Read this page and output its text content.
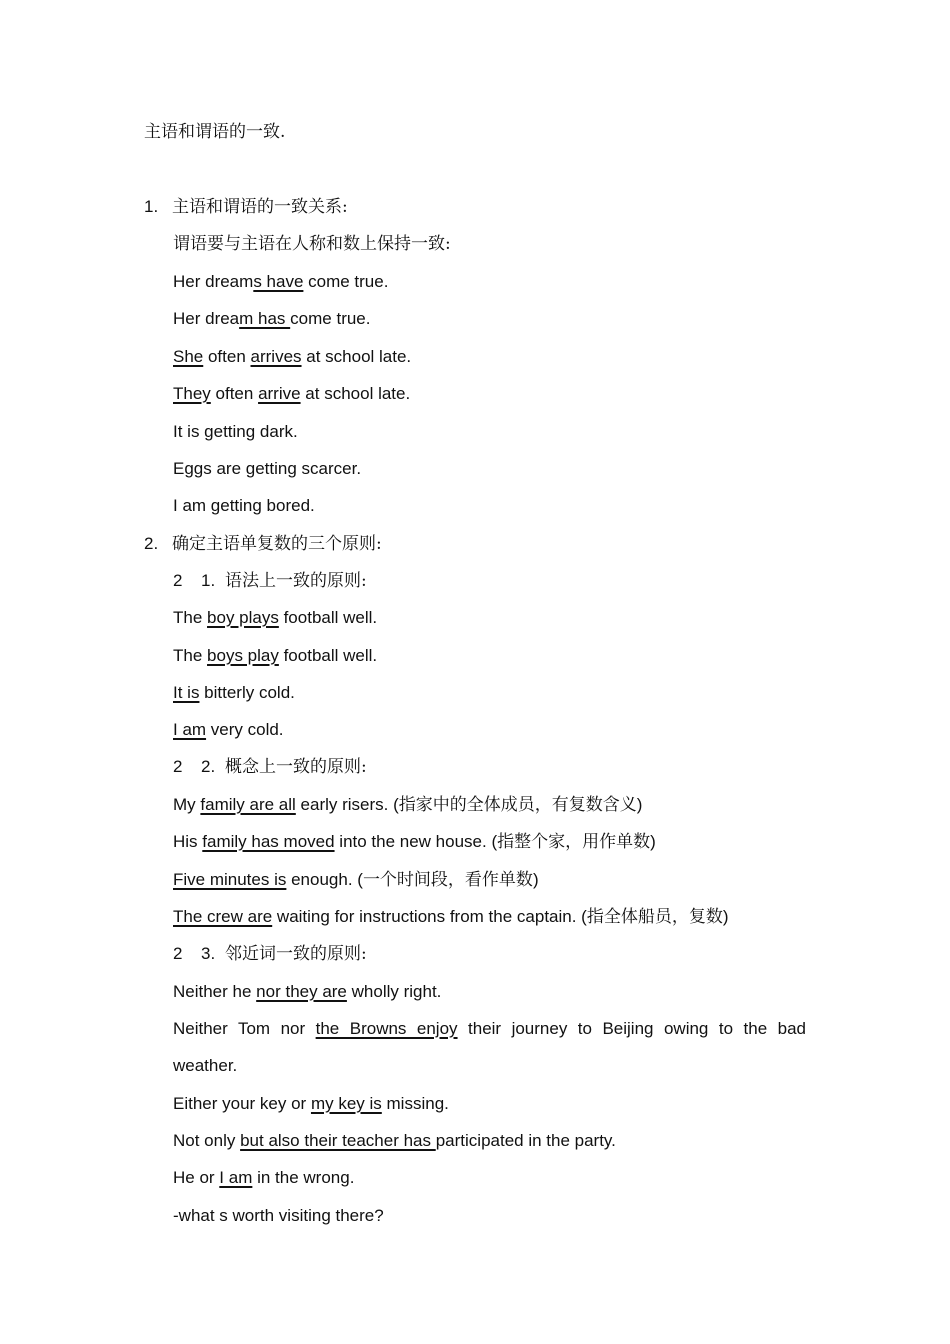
主语和谓语的一致.
1. 主语和谓语的一致关系:
谓语要与主语在人称和数上保持一致:
Her dreams have come true.
Her dream has come true.
She often arrives at school late.
They often arrive at school late.
It is getting dark.
Eggs are getting scarcer.
I am getting bored.
2. 确定主语单复数的三个原则:
2 1. 语法上一致的原则:
The boy plays football well.
The boys play football well.
It is bitterly cold.
I am very cold.
2 2. 概念上一致的原则:
My family are all early risers. (指家中的全体成员，有复数含义)
His family has moved into the new house. (指整个家，用作单数)
Five minutes is enough. (一个时间段，看作单数)
The crew are waiting for instructions from the captain. (指全体船员，复数)
2 3. 邻近词一致的原则:
Neither he nor they are wholly right.
Neither Tom nor the Browns enjoy their journey to Beijing owing to the bad
weather.
Either your key or my key is missing.
Not only but also their teacher has participated in the party.
He or I am in the wrong.
-what s worth visiting there?
